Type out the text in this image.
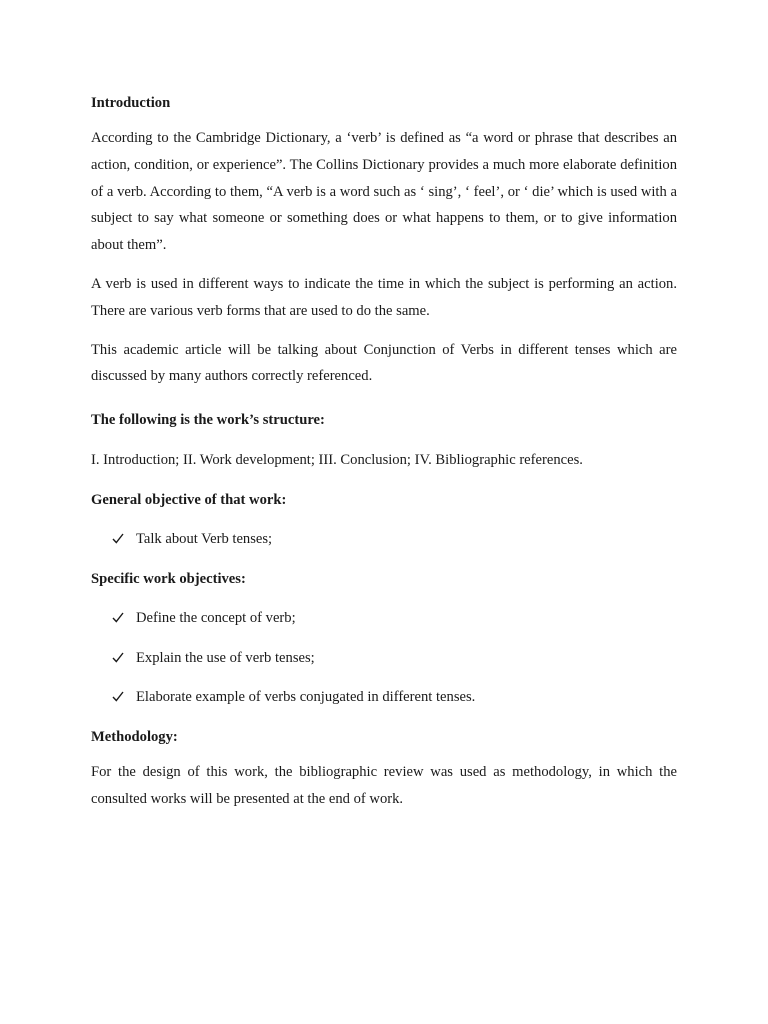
Introduction

According to the Cambridge Dictionary, a ‘verb’ is defined as “a word or phrase that describes an action, condition, or experience”. The Collins Dictionary provides a much more elaborate definition of a verb. According to them, “A verb is a word such as ‘ sing’, ‘ feel’, or ‘ die’ which is used with a subject to say what someone or something does or what happens to them, or to give information about them”.

A verb is used in different ways to indicate the time in which the subject is performing an action. There are various verb forms that are used to do the same.

This academic article will be talking about Conjunction of Verbs in different tenses which are discussed by many authors correctly referenced.

The following is the work’s structure:

I. Introduction; II. Work development; III. Conclusion; IV. Bibliographic references.

General objective of that work:

Talk about Verb tenses;

Specific work objectives:

Define the concept of verb;
Explain the use of verb tenses;
Elaborate example of verbs conjugated in different tenses.

Methodology:

For the design of this work, the bibliographic review was used as methodology, in which the consulted works will be presented at the end of work.
